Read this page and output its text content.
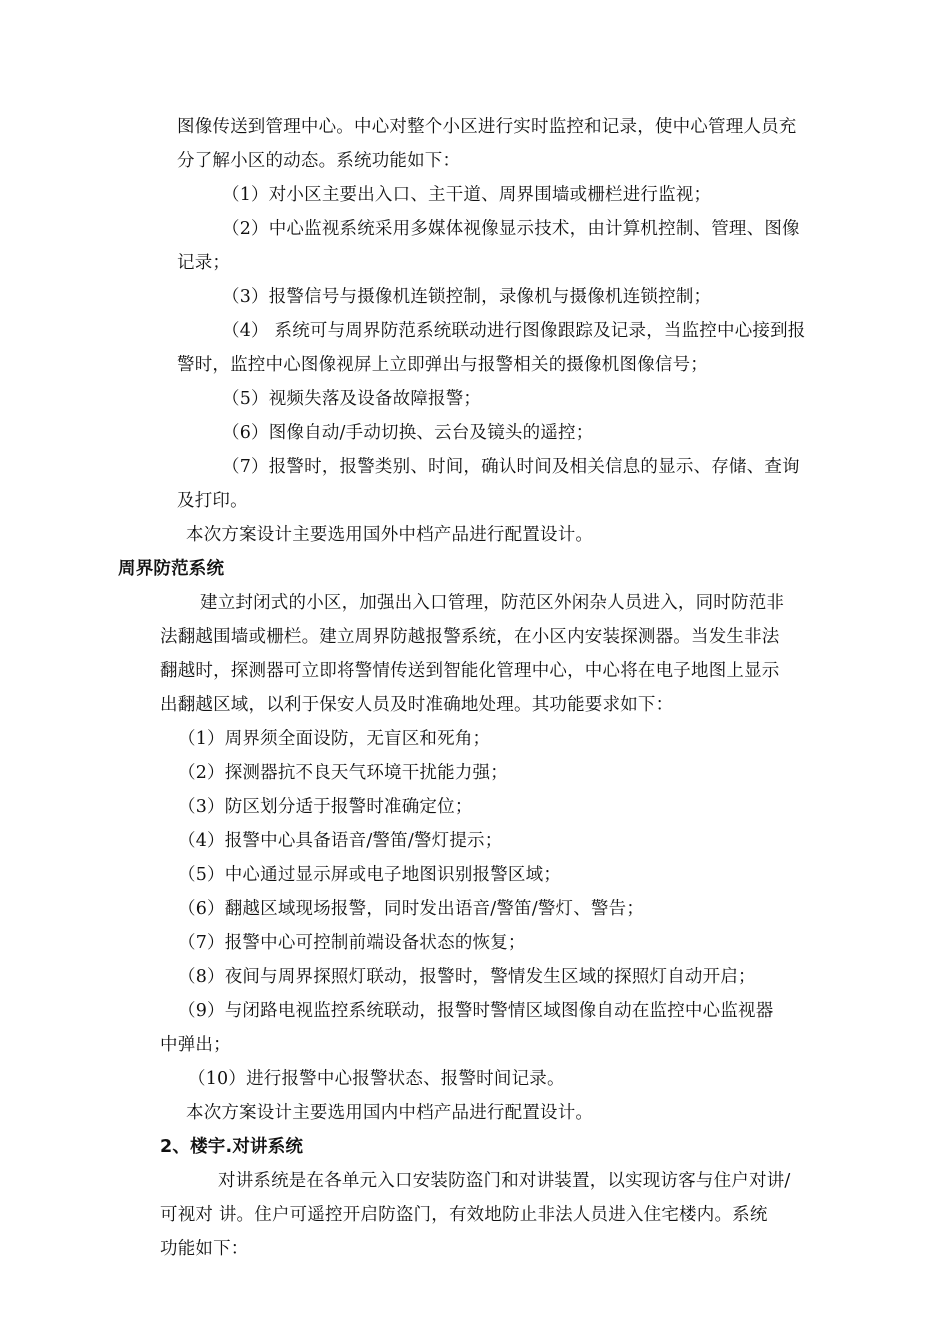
图像传送到管理中心。中心对整个小区进行实时监控和记录，使中心管理人员充
分了解小区的动态。系统功能如下：
（1）对小区主要出入口、主干道、周界围墙或栅栏进行监视；
（2）中心监视系统采用多媒体视像显示技术，由计算机控制、管理、图像
记录；
（3）报警信号与摄像机连锁控制，录像机与摄像机连锁控制；
（4） 系统可与周界防范系统联动进行图像跟踪及记录，当监控中心接到报
警时，监控中心图像视屏上立即弹出与报警相关的摄像机图像信号；
（5）视频失落及设备故障报警；
（6）图像自动/手动切换、云台及镜头的遥控；
（7）报警时，报警类别、时间，确认时间及相关信息的显示、存储、查询
及打印。
本次方案设计主要选用国外中档产品进行配置设计。
周界防范系统
建立封闭式的小区，加强出入口管理，防范区外闲杂人员进入，同时防范非
法翻越围墙或栅栏。建立周界防越报警系统，在小区内安装探测器。当发生非法
翻越时，探测器可立即将警情传送到智能化管理中心，中心将在电子地图上显示
出翻越区域，以利于保安人员及时准确地处理。其功能要求如下：
（1）周界须全面设防，无盲区和死角；
（2）探测器抗不良天气环境干扰能力强；
（3）防区划分适于报警时准确定位；
（4）报警中心具备语音/警笛/警灯提示；
（5）中心通过显示屏或电子地图识别报警区域；
（6）翻越区域现场报警，同时发出语音/警笛/警灯、警告；
（7）报警中心可控制前端设备状态的恢复；
（8）夜间与周界探照灯联动，报警时，警情发生区域的探照灯自动开启；
（9）与闭路电视监控系统联动，报警时警情区域图像自动在监控中心监视器
中弹出；
（10）进行报警中心报警状态、报警时间记录。
本次方案设计主要选用国内中档产品进行配置设计。
2、楼宇.对讲系统
对讲系统是在各单元入口安装防盗门和对讲装置，以实现访客与住户对讲/
可视对 讲。住户可遥控开启防盗门，有效地防止非法人员进入住宅楼内。系统
功能如下：
